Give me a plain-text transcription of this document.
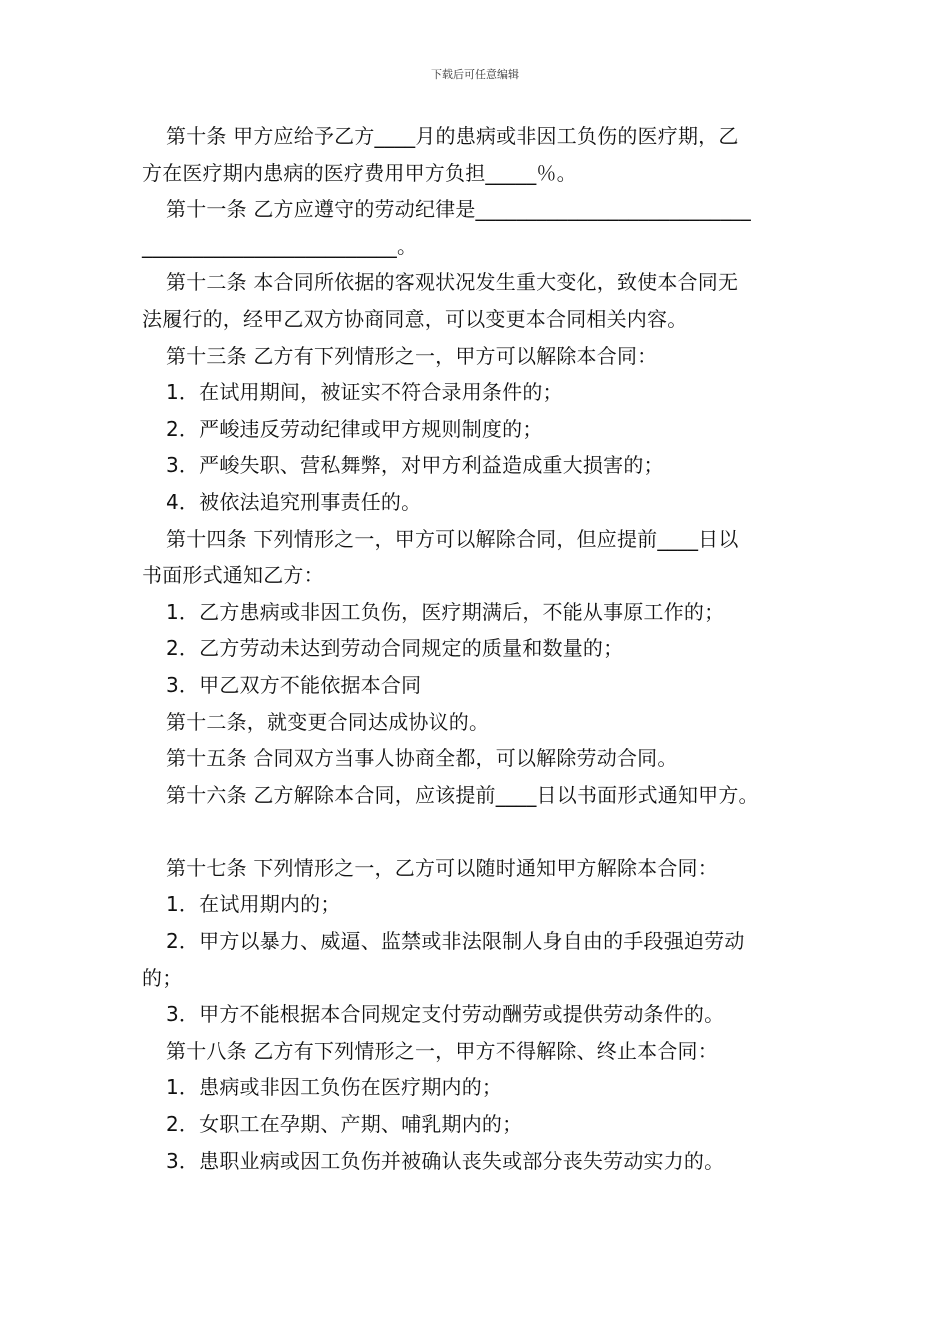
下载后可任意编辑
第十条 甲方应给予乙方____月的患病或非因工负伤的医疗期，乙
方在医疗期内患病的医疗费用甲方负担_____％。
第十一条 乙方应遵守的劳动纪律是___________________________
_________________________。
第十二条 本合同所依据的客观状况发生重大变化，致使本合同无
法履行的，经甲乙双方协商同意，可以变更本合同相关内容。
第十三条 乙方有下列情形之一，甲方可以解除本合同：
1．在试用期间，被证实不符合录用条件的；
2．严峻违反劳动纪律或甲方规则制度的；
3．严峻失职、营私舞弊，对甲方利益造成重大损害的；
4．被依法追究刑事责任的。
第十四条 下列情形之一，甲方可以解除合同，但应提前____日以
书面形式通知乙方：
1．乙方患病或非因工负伤，医疗期满后，不能从事原工作的；
2．乙方劳动未达到劳动合同规定的质量和数量的；
3．甲乙双方不能依据本合同
第十二条，就变更合同达成协议的。
第十五条 合同双方当事人协商全都，可以解除劳动合同。
第十六条 乙方解除本合同，应该提前____日以书面形式通知甲方。
第十七条 下列情形之一，乙方可以随时通知甲方解除本合同：
1．在试用期内的；
2．甲方以暴力、威逼、监禁或非法限制人身自由的手段强迫劳动
的；
3．甲方不能根据本合同规定支付劳动酬劳或提供劳动条件的。
第十八条 乙方有下列情形之一，甲方不得解除、终止本合同：
1．患病或非因工负伤在医疗期内的；
2．女职工在孕期、产期、哺乳期内的；
3．患职业病或因工负伤并被确认丧失或部分丧失劳动实力的。
